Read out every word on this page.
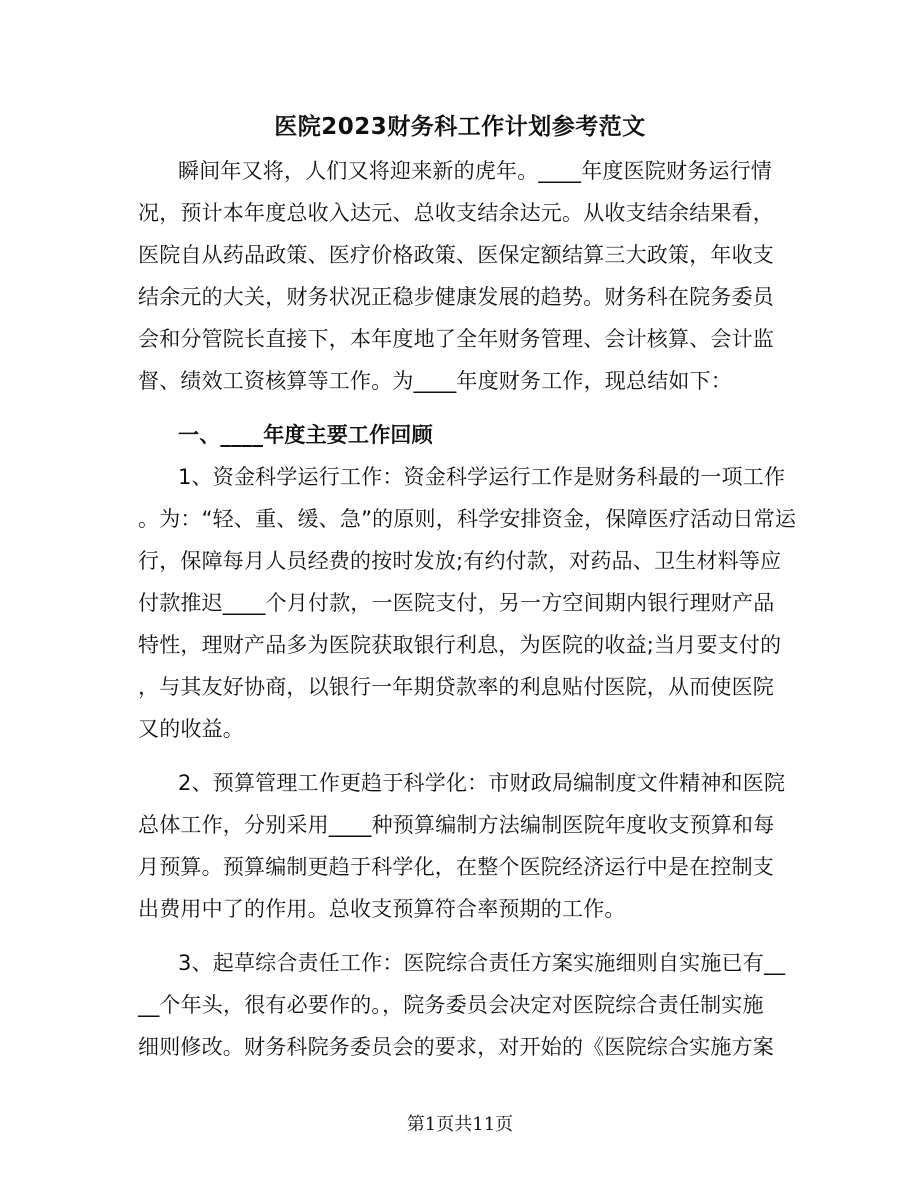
医院2023财务科工作计划参考范文
瞬间年又将，人们又将迎来新的虎年。____年度医院财务运行情
况，预计本年度总收入达元、总收支结余达元。从收支结余结果看，
医院自从药品政策、医疗价格政策、医保定额结算三大政策，年收支
结余元的大关，财务状况正稳步健康发展的趋势。财务科在院务委员
会和分管院长直接下，本年度地了全年财务管理、会计核算、会计监
督、绩效工资核算等工作。为____年度财务工作，现总结如下：
一、____年度主要工作回顾
1、资金科学运行工作：资金科学运行工作是财务科最的一项工作
。为：“轻、重、缓、急”的原则，科学安排资金，保障医疗活动日常运
行，保障每月人员经费的按时发放;有约付款，对药品、卫生材料等应
付款推迟____个月付款，一医院支付，另一方空间期内银行理财产品
特性，理财产品多为医院获取银行利息，为医院的收益;当月要支付的
，与其友好协商，以银行一年期贷款率的利息贴付医院，从而使医院
又的收益。
2、预算管理工作更趋于科学化：市财政局编制度文件精神和医院
总体工作，分别采用____种预算编制方法编制医院年度收支预算和每
月预算。预算编制更趋于科学化，在整个医院经济运行中是在控制支
出费用中了的作用。总收支预算符合率预期的工作。
3、起草综合责任工作：医院综合责任方案实施细则自实施已有__
__个年头，很有必要作的。，院务委员会决定对医院综合责任制实施
细则修改。财务科院务委员会的要求，对开始的《医院综合实施方案
第1页共11页
